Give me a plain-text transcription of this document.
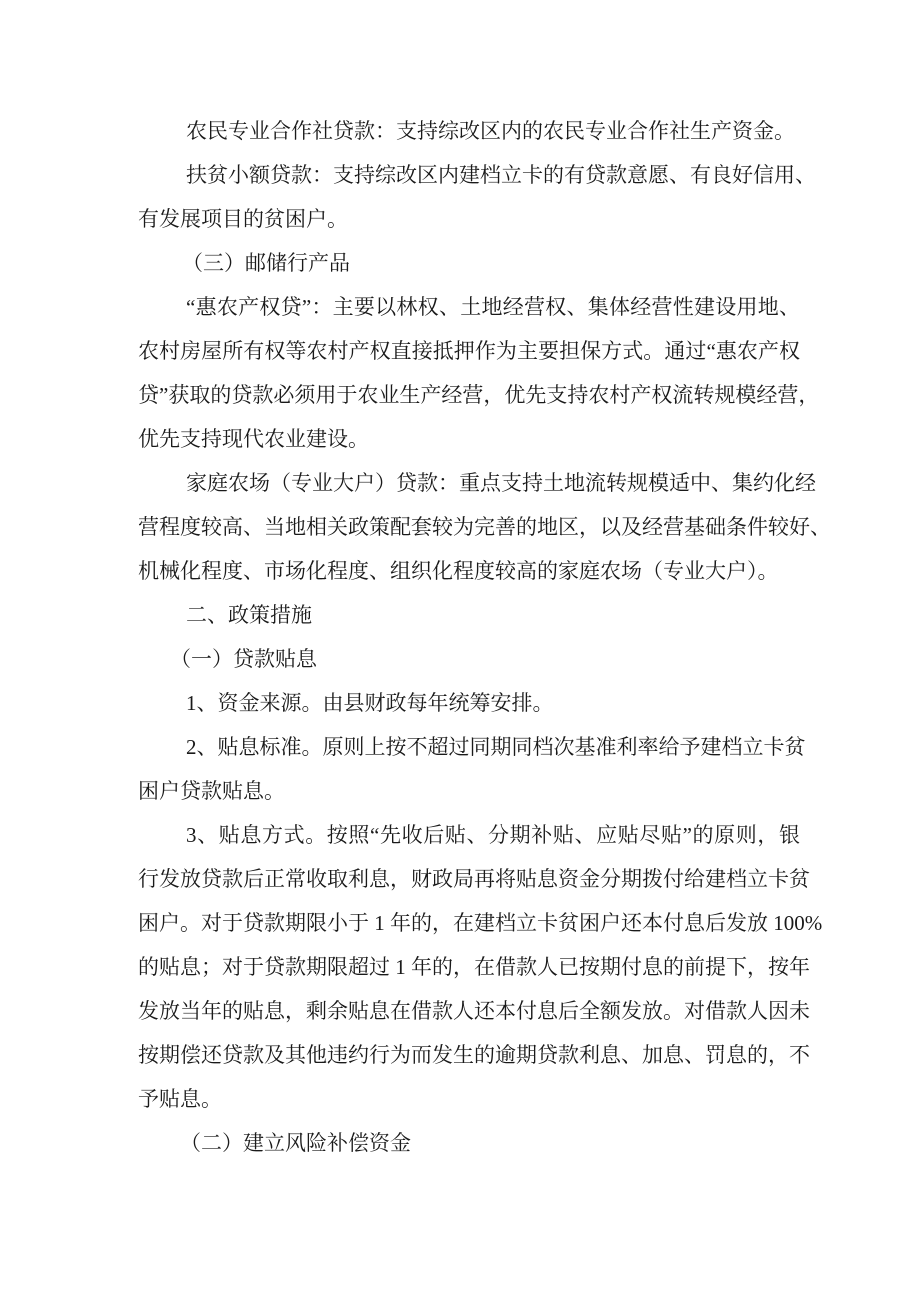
农民专业合作社贷款：支持综改区内的农民专业合作社生产资金。
扶贫小额贷款：支持综改区内建档立卡的有贷款意愿、有良好信用、
有发展项目的贫困户。
（三）邮储行产品
“惠农产权贷”：主要以林权、土地经营权、集体经营性建设用地、
农村房屋所有权等农村产权直接抵押作为主要担保方式。通过“惠农产权
贷”获取的贷款必须用于农业生产经营，优先支持农村产权流转规模经营，
优先支持现代农业建设。
家庭农场（专业大户）贷款：重点支持土地流转规模适中、集约化经
营程度较高、当地相关政策配套较为完善的地区，以及经营基础条件较好、
机械化程度、市场化程度、组织化程度较高的家庭农场（专业大户）。
二、政策措施
（一）贷款贴息
1、资金来源。由县财政每年统筹安排。
2、贴息标准。原则上按不超过同期同档次基准利率给予建档立卡贫
困户贷款贴息。
3、贴息方式。按照“先收后贴、分期补贴、应贴尽贴”的原则，银
行发放贷款后正常收取利息，财政局再将贴息资金分期拨付给建档立卡贫
困户。对于贷款期限小于 1 年的，在建档立卡贫困户还本付息后发放 100%
的贴息；对于贷款期限超过 1 年的，在借款人已按期付息的前提下，按年
发放当年的贴息，剩余贴息在借款人还本付息后全额发放。对借款人因未
按期偿还贷款及其他违约行为而发生的逾期贷款利息、加息、罚息的，不
予贴息。
（二）建立风险补偿资金
